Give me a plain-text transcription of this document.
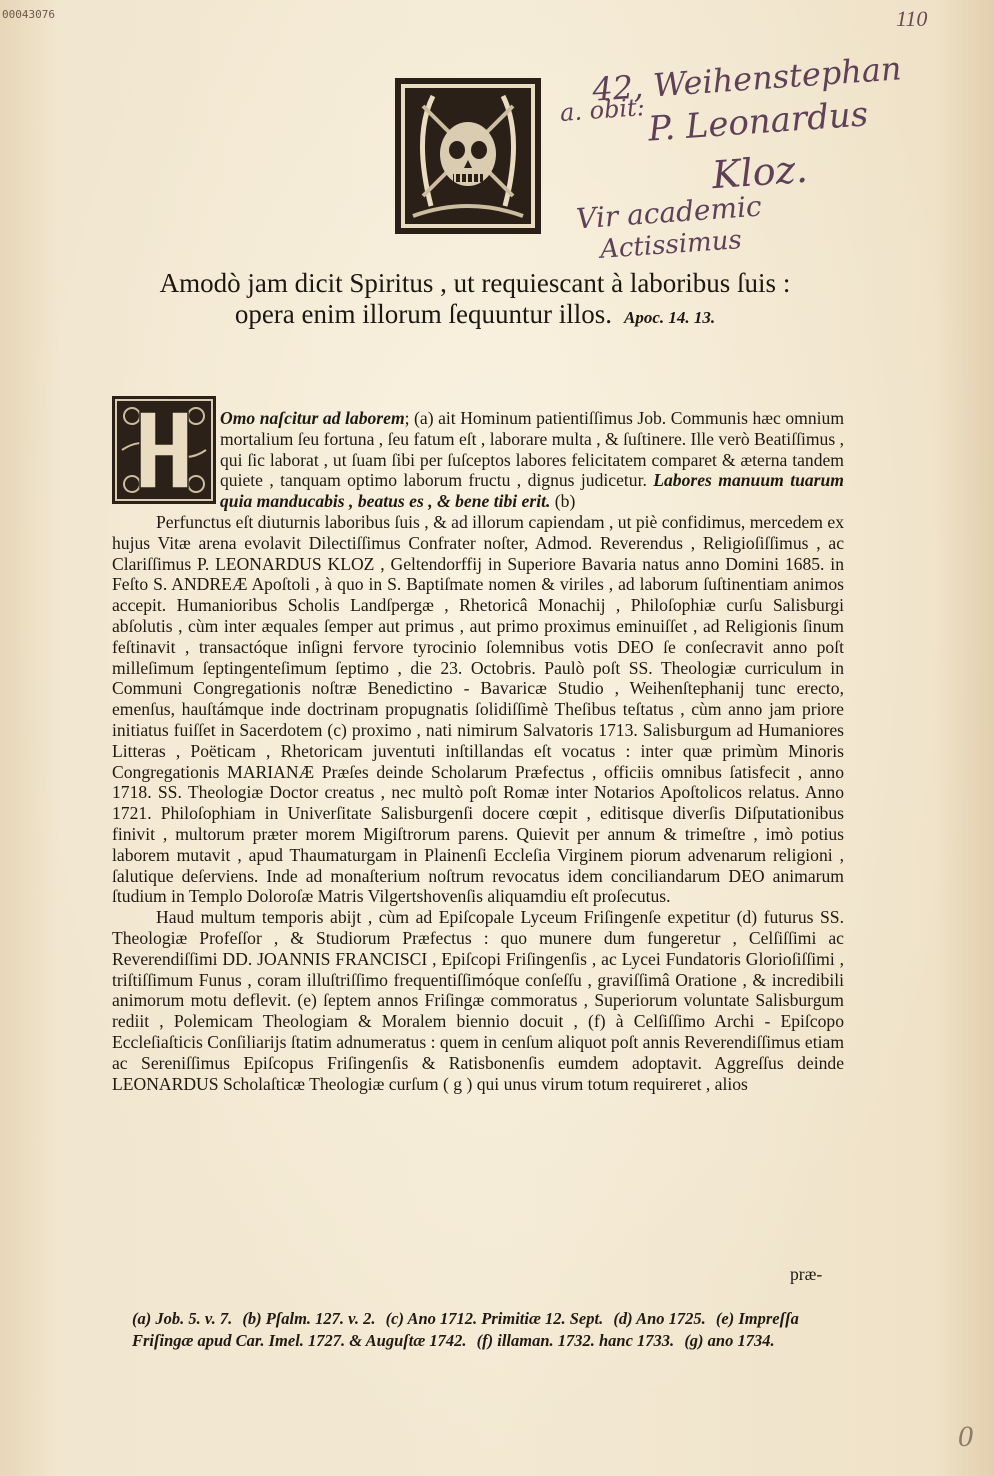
00043076	110
42, Weihenstephan
a. obit: P. Leonardus
Kloz.
Vir academic
Actissimus
Amodò jam dicit Spiritus , ut requiescant à laboribus ſuis :
opera enim illorum ſequuntur illos. Apoc. 14. 13.

Omo naſcitur ad laborem; (a) ait Hominum patientiſſimus Job. Communis hæc omnium mortalium ſeu fortuna , ſeu fatum eſt , laborare multa , & ſuſtinere. Ille verò Beatiſſimus , qui ſic laborat , ut ſuam ſibi per ſuſceptos labores felicitatem comparet & æterna tandem quiete , tanquam optimo laborum fructu , dignus judicetur. Labores manuum tuarum quia manducabis , beatus es , & bene tibi erit. (b)

Perfunctus eſt diuturnis laboribus ſuis , & ad illorum capiendam , ut piè confidimus, mercedem ex hujus Vitæ arena evolavit Dilectiſſimus Confrater noſter, Admod. Reverendus , Religioſiſſimus , ac Clariſſimus P. LEONARDUS KLOZ , Geltendorffij in Superiore Bavaria natus anno Domini 1685. in Feſto S. ANDREÆ Apoſtoli , à quo in S. Baptiſmate nomen & viriles , ad laborum ſuſtinentiam animos accepit. Humanioribus Scholis Landſpergæ , Rhetoricâ Monachij , Philoſophiæ curſu Salisburgi abſolutis , cùm inter æquales ſemper aut primus , aut primo proximus eminuiſſet , ad Religionis ſinum feſtinavit , transactóque inſigni fervore tyrocinio ſolemnibus votis DEO ſe conſecravit anno poſt milleſimum ſeptingenteſimum ſeptimo , die 23. Octobris. Paulò poſt SS. Theologiæ curriculum in Communi Congregationis noſtræ Benedictino - Bavaricæ Studio , Weihenſtephanij tunc erecto, emenſus, hauſtámque inde doctrinam propugnatis ſolidiſſimè Theſibus teſtatus , cùm anno jam priore initiatus fuiſſet in Sacerdotem (c) proximo , nati nimirum Salvatoris 1713. Salisburgum ad Humaniores Litteras , Poëticam , Rhetoricam juventuti inſtillandas eſt vocatus : inter quæ primùm Minoris Congregationis MARIANÆ Præſes deinde Scholarum Præfectus , officiis omnibus ſatisfecit , anno 1718. SS. Theologiæ Doctor creatus , nec multò poſt Romæ inter Notarios Apoſtolicos relatus. Anno 1721. Philoſophiam in Univerſitate Salisburgenſi docere cœpit , editisque diverſis Diſputationibus finivit , multorum præter morem Migiſtrorum parens. Quievit per annum & trimeſtre , imò potius laborem mutavit , apud Thaumaturgam in Plainenſi Eccleſia Virginem piorum advenarum religioni , ſalutique deſerviens. Inde ad monaſterium noſtrum revocatus idem conciliandarum DEO animarum ſtudium in Templo Doloroſæ Matris Vilgertshovenſis aliquamdiu eſt proſecutus.

Haud multum temporis abijt , cùm ad Epiſcopale Lyceum Friſingenſe expetitur (d) futurus SS. Theologiæ Profeſſor , & Studiorum Præfectus : quo munere dum fungeretur , Celſiſſimi ac Reverendiſſimi DD. JOANNIS FRANCISCI , Epiſcopi Friſingenſis , ac Lycei Fundatoris Glorioſiſſimi , triſtiſſimum Funus , coram illuſtriſſimo frequentiſſimóque conſeſſu , graviſſimâ Oratione , & incredibili animorum motu deflevit. (e) ſeptem annos Friſingæ commoratus , Superiorum voluntate Salisburgum rediit , Polemicam Theologiam & Moralem biennio docuit , (f) à Celſiſſimo Archi - Epiſcopo Eccleſiaſticis Conſiliarijs ſtatim adnumeratus : quem in cenſum aliquot poſt annis Reverendiſſimus etiam ac Sereniſſimus Epiſcopus Friſingenſis & Ratisbonenſis eumdem adoptavit. Aggreſſus deinde LEONARDUS Scholaſticæ Theologiæ curſum ( g ) qui unus virum totum requireret , alios

præ-
(a) Job. 5. v. 7. (b) Pſalm. 127. v. 2. (c) Ano 1712. Primitiæ 12. Sept. (d) Ano 1725. (e) Impreſſa Friſingæ apud Car. Imel. 1727. & Auguſtæ 1742. (f) illaman. 1732. hanc 1733. (g) ano 1734.
0
